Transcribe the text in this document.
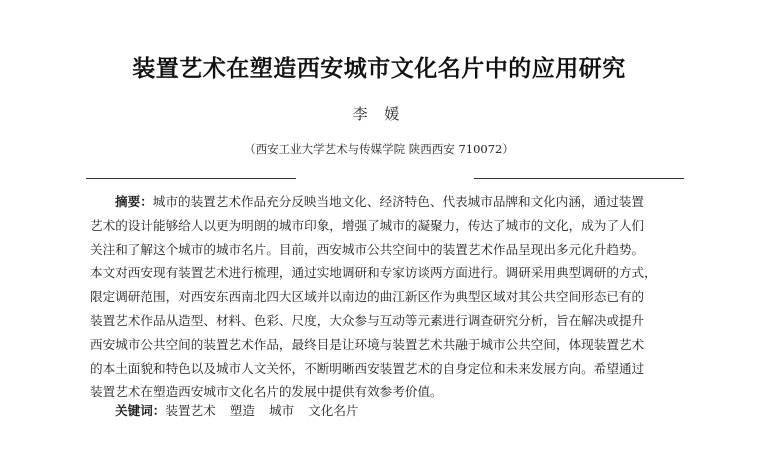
装置艺术在塑造西安城市文化名片中的应用研究
李 媛
（西安工业大学艺术与传媒学院 陕西西安 710072）
摘要：城市的装置艺术作品充分反映当地文化、经济特色、代表城市品牌和文化内涵，通过装置
艺术的设计能够给人以更为明朗的城市印象，增强了城市的凝聚力，传达了城市的文化，成为了人们
关注和了解这个城市的城市名片。目前，西安城市公共空间中的装置艺术作品呈现出多元化升趋势。
本文对西安现有装置艺术进行梳理，通过实地调研和专家访谈两方面进行。调研采用典型调研的方式，
限定调研范围，对西安东西南北四大区域并以南边的曲江新区作为典型区域对其公共空间形态已有的
装置艺术作品从造型、材料、色彩、尺度，大众参与互动等元素进行调查研究分析，旨在解决或提升
西安城市公共空间的装置艺术作品，最终目是让环境与装置艺术共融于城市公共空间，体现装置艺术
的本土面貌和特色以及城市人文关怀，不断明晰西安装置艺术的自身定位和未来发展方向。希望通过
装置艺术在塑造西安城市文化名片的发展中提供有效参考价值。
关键词：装置艺术 塑造 城市 文化名片
